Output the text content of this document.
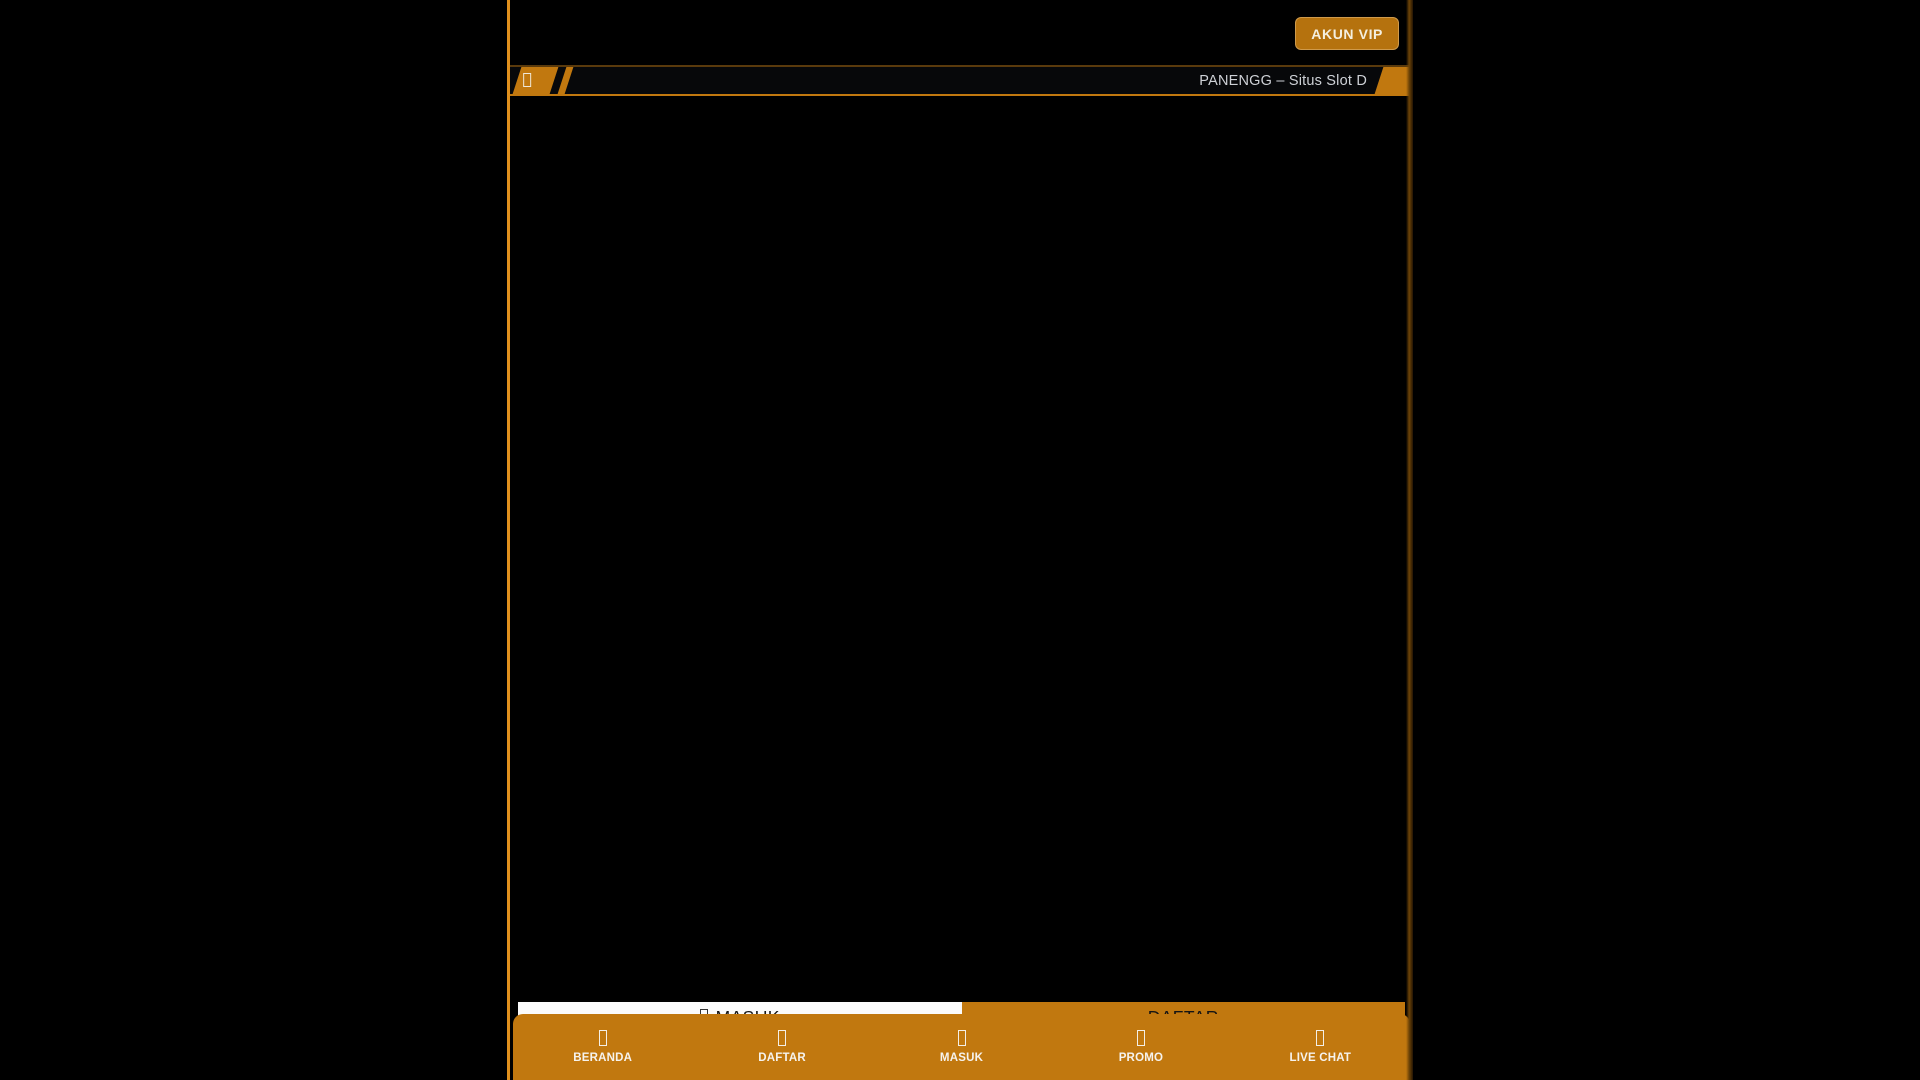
AKUN VIP
PANENGG – Situs Slot D
BERANDA	DAFTAR	MASUK	PROMO	LIVE CHAT
